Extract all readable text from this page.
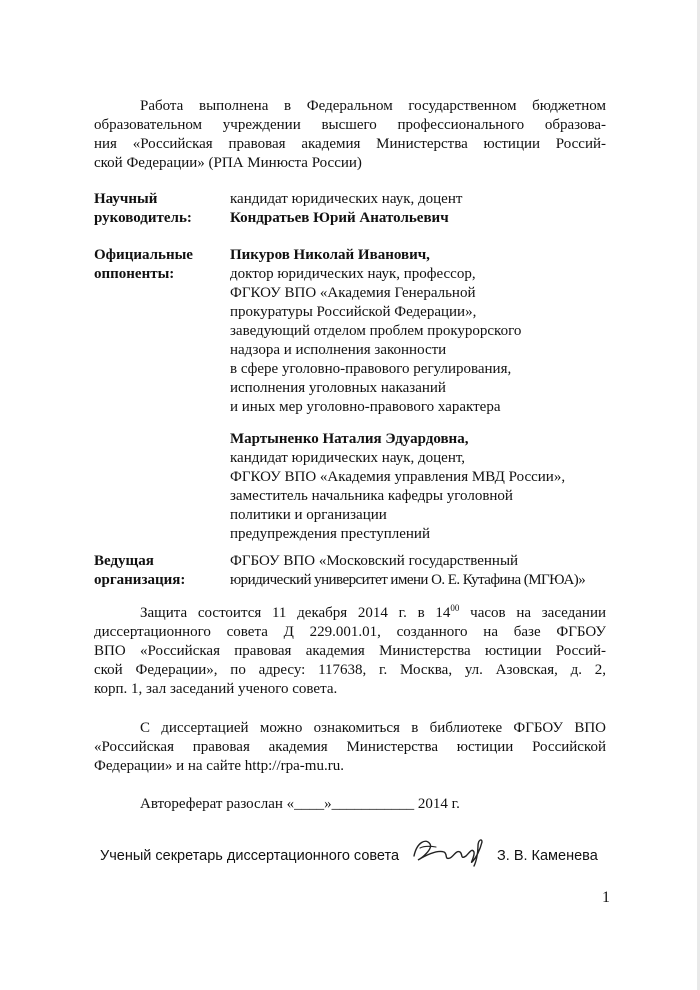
Работа выполнена в Федеральном государственном бюджетном
образовательном учреждении высшего профессионального образова-
ния «Российская правовая академия Министерства юстиции Россий-
ской Федерации» (РПА Минюста России)

Научный
руководитель:
кандидат юридических наук, доцент
Кондратьев Юрий Анатольевич
Официальные
оппоненты:
Пикуров Николай Иванович,
доктор юридических наук, профессор,
ФГКОУ ВПО «Академия Генеральной
прокуратуры Российской Федерации»,
заведующий отделом проблем прокурорского
надзора и исполнения законности
в сфере уголовно-правового регулирования,
исполнения уголовных наказаний
и иных мер уголовно-правового характера
Мартыненко Наталия Эдуардовна,
кандидат юридических наук, доцент,
ФГКОУ ВПО «Академия управления МВД России»,
заместитель начальника кафедры уголовной
политики и организации
предупреждения преступлений
Ведущая
организация:
ФГБОУ ВПО «Московский государственный
юридический университет имени О. Е. Кутафина (МГЮА)»

Защита состоится 11 декабря 2014 г. в $14^{00}$ часов на заседании
диссертационного совета Д 229.001.01, созданного на базе ФГБОУ
ВПО «Российская правовая академия Министерства юстиции Россий-
ской Федерации», по адресу: 117638, г. Москва, ул. Азовская, д. 2,
корп. 1, зал заседаний ученого совета.

С диссертацией можно ознакомиться в библиотеке ФГБОУ ВПО
«Российская правовая академия Министерства юстиции Российской
Федерации» и на сайте http://rpa-mu.ru.

Автореферат разослан «____»___________ 2014 г.
Ученый секретарь диссертационного совета	З. В. Каменева
1
